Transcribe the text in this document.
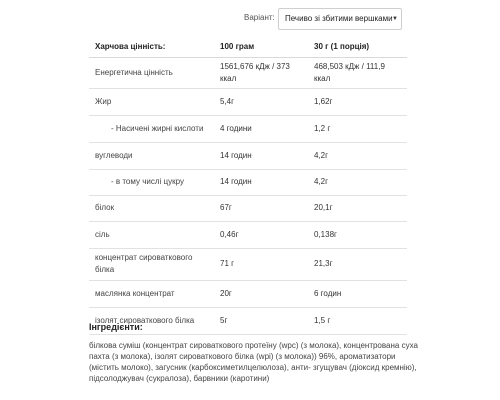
Варіант:	Печиво зі збитими вершками ▼
Харчова цінність:	100 грам	30 г (1 порція)
Енергетична цінність	1561,676 кДж / 373 ккал	468,503 кДж / 111,9 ккал
Жир	5,4г	1,62г
- Насичені жирні кислоти	4 години	1,2 г
вуглеводи	14 годин	4,2г
- в тому числі цукру	14 годин	4,2г
білок	67г	20,1г
сіль	0,46г	0,138г
концентрат сироваткового білка	71 г	21,3г
маслянка концентрат	20г	6 годин
ізолят сироваткового білка	5г	1,5 г
Інгредієнти:
білкова суміш (концентрат сироваткового протеїну (wpc) (з молока), концентрована суха пахта (з молока), ізолят сироваткового білка (wpi) (з молока)) 96%, ароматизатори (містить молоко), загусник (карбоксиметилцелюлоза), анти- згущувач (діоксид кремнію), підсолоджувач (сукралоза), барвники (каротини)
